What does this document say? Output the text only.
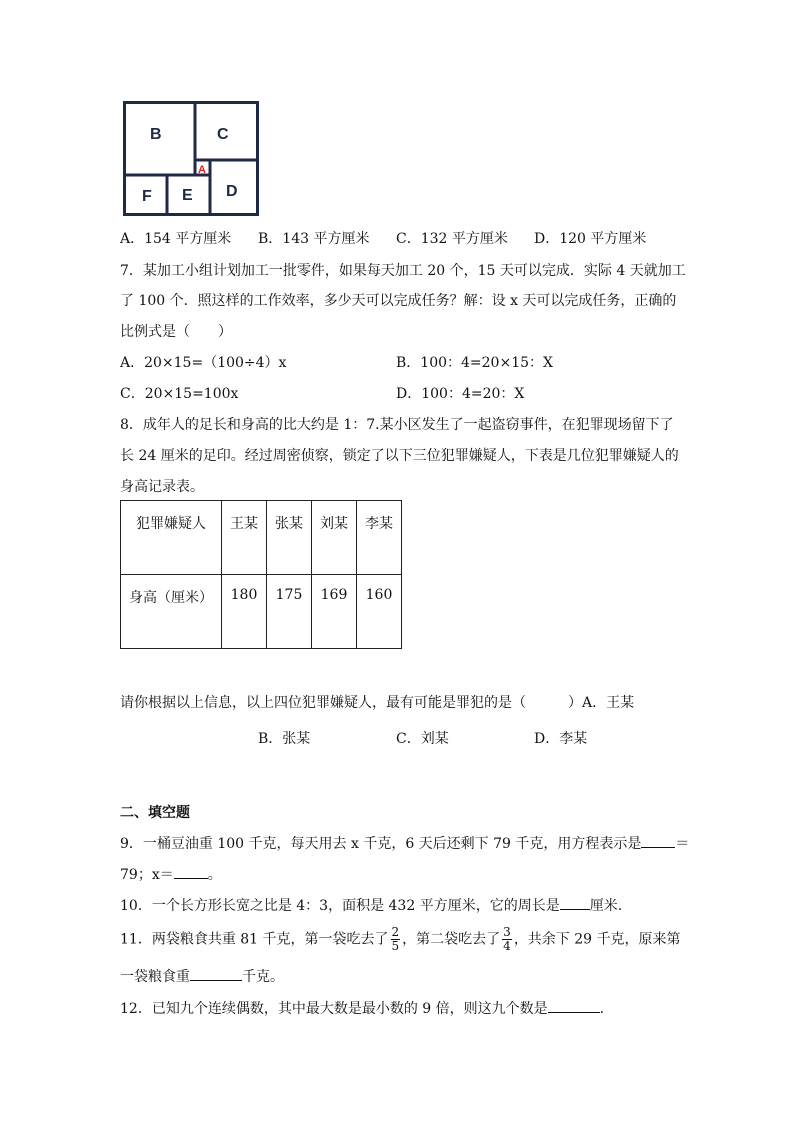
B	C
D
F E
A
A．154 平方厘米 B．143 平方厘米 C．132 平方厘米 D．120 平方厘米
7．某加工小组计划加工一批零件，如果每天加工 20 个，15 天可以完成．实际 4 天就加工
了 100 个．照这样的工作效率，多少天可以完成任务？解：设 x 天可以完成任务，正确的
比例式是（　　）
A．20×15=（100÷4）x	B．100：4=20×15：X
C．20×15=100x	D．100：4=20：X
8．成年人的足长和身高的比大约是 1：7.某小区发生了一起盗窃事件，在犯罪现场留下了
长 24 厘米的足印。经过周密侦察，锁定了以下三位犯罪嫌疑人，下表是几位犯罪嫌疑人的
身高记录表。
犯罪嫌疑人	王某	张某	刘某	李某
身高（厘米）	180	175	169	160
请你根据以上信息，以上四位犯罪嫌疑人，最有可能是罪犯的是（　　　）A．王某
B．张某	C．刘某	D．李某
二、填空题
9．一桶豆油重 100 千克，每天用去 x 千克，6 天后还剩下 79 千克，用方程表示是 ＝
79；x＝ 。
10．一个长方形长宽之比是 4：3，面积是 432 平方厘米，它的周长是 厘米.
11．两袋粮食共重 81 千克，第一袋吃去了 $\frac{2}{5}$ ，第二袋吃去了 $\frac{3}{4}$ ，共余下 29 千克，原来第
一袋粮食重	千克。
12．已知九个连续偶数，其中最大数是最小数的 9 倍，则这九个数是	.
